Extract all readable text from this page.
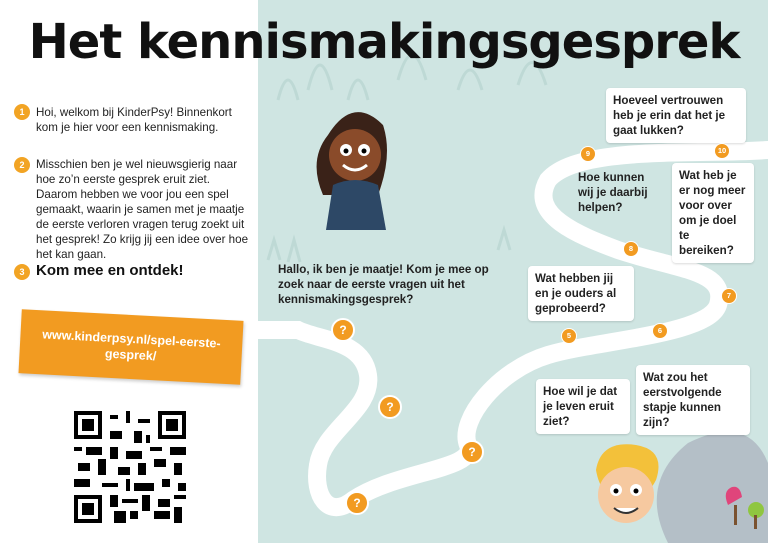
Het kennismakingsgesprek
1 Hoi, welkom bij KinderPsy! Binnenkort kom je hier voor een kennismaking.
2 Misschien ben je wel nieuwsgierig naar hoe zo’n eerste gesprek eruit ziet. Daarom hebben we voor jou een spel gemaakt, waarin je samen met je maatje de eerste verloren vragen terug zoekt uit het gesprek! Zo krijg jij een idee over hoe het kan gaan.
3 Kom mee en ontdek!
www.kinderpsy.nl/spel-eerste-gesprek/
Hallo, ik ben je maatje! Kom je mee op zoek naar de eerste vragen uit het kennismakingsgesprek?
Hoeveel vertrouwen heb je erin dat het je gaat lukken?
Hoe kunnen wij je daarbij helpen?
Wat heb je er nog meer voor over om je doel te bereiken?
Wat hebben jij en je ouders al geprobeerd?
Hoe wil je dat je leven eruit ziet?
Wat zou het eerstvolgende stapje kunnen zijn?
9	10
8
7
5
6
?
?
?
?
